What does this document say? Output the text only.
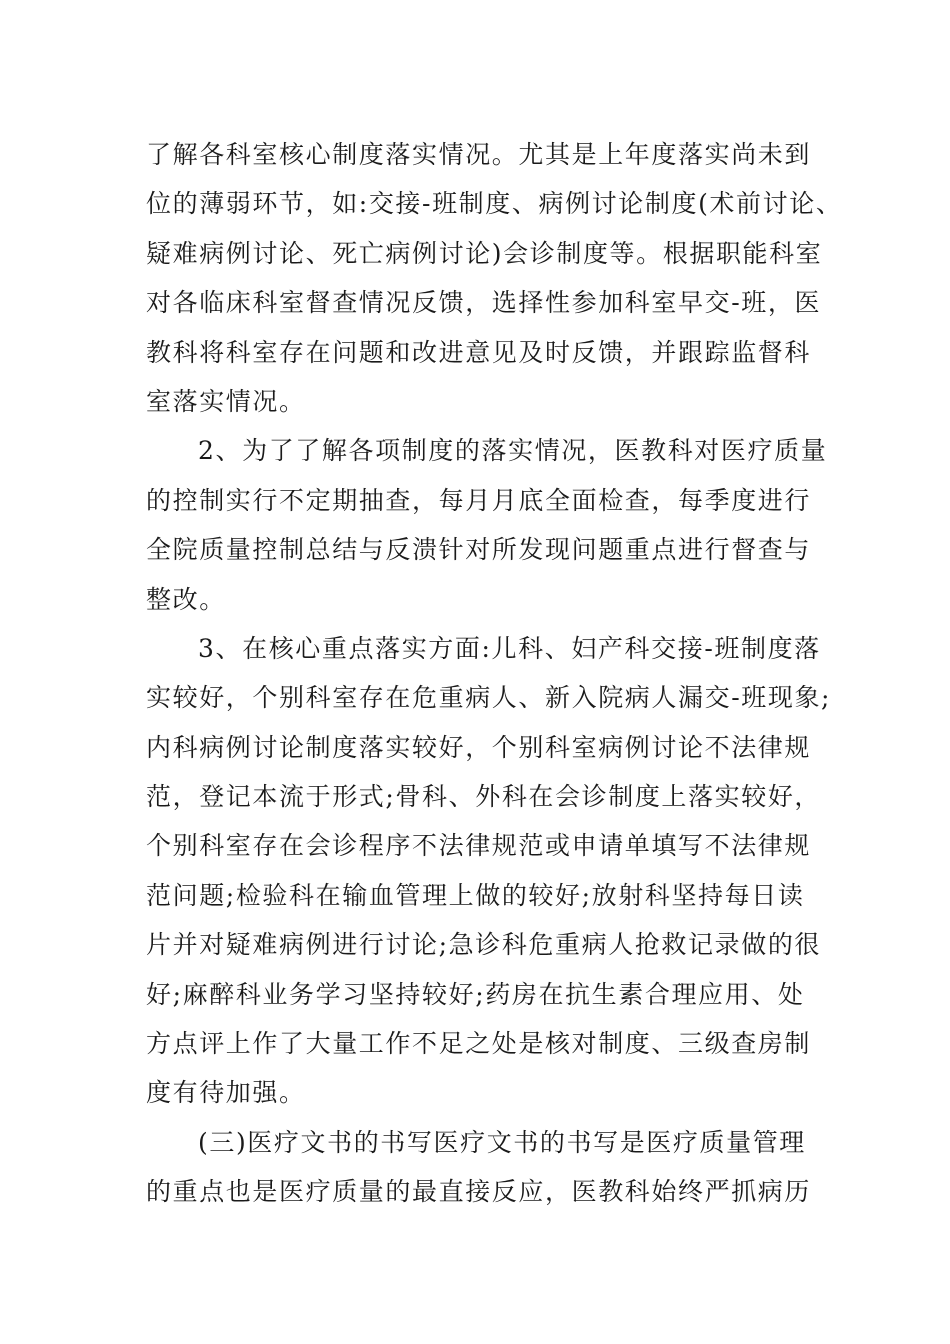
了解各科室核心制度落实情况。尤其是上年度落实尚未到
位的薄弱环节，如:交接-班制度、病例讨论制度(术前讨论、
疑难病例讨论、死亡病例讨论)会诊制度等。根据职能科室
对各临床科室督查情况反馈，选择性参加科室早交-班，医
教科将科室存在问题和改进意见及时反馈，并跟踪监督科
室落实情况。
2、为了了解各项制度的落实情况，医教科对医疗质量
的控制实行不定期抽查，每月月底全面检查，每季度进行
全院质量控制总结与反溃针对所发现问题重点进行督查与
整改。
3、在核心重点落实方面:儿科、妇产科交接-班制度落
实较好，个别科室存在危重病人、新入院病人漏交-班现象;
内科病例讨论制度落实较好，个别科室病例讨论不法律规
范，登记本流于形式;骨科、外科在会诊制度上落实较好，
个别科室存在会诊程序不法律规范或申请单填写不法律规
范问题;检验科在输血管理上做的较好;放射科坚持每日读
片并对疑难病例进行讨论;急诊科危重病人抢救记录做的很
好;麻醉科业务学习坚持较好;药房在抗生素合理应用、处
方点评上作了大量工作不足之处是核对制度、三级查房制
度有待加强。
(三)医疗文书的书写医疗文书的书写是医疗质量管理
的重点也是医疗质量的最直接反应，医教科始终严抓病历
